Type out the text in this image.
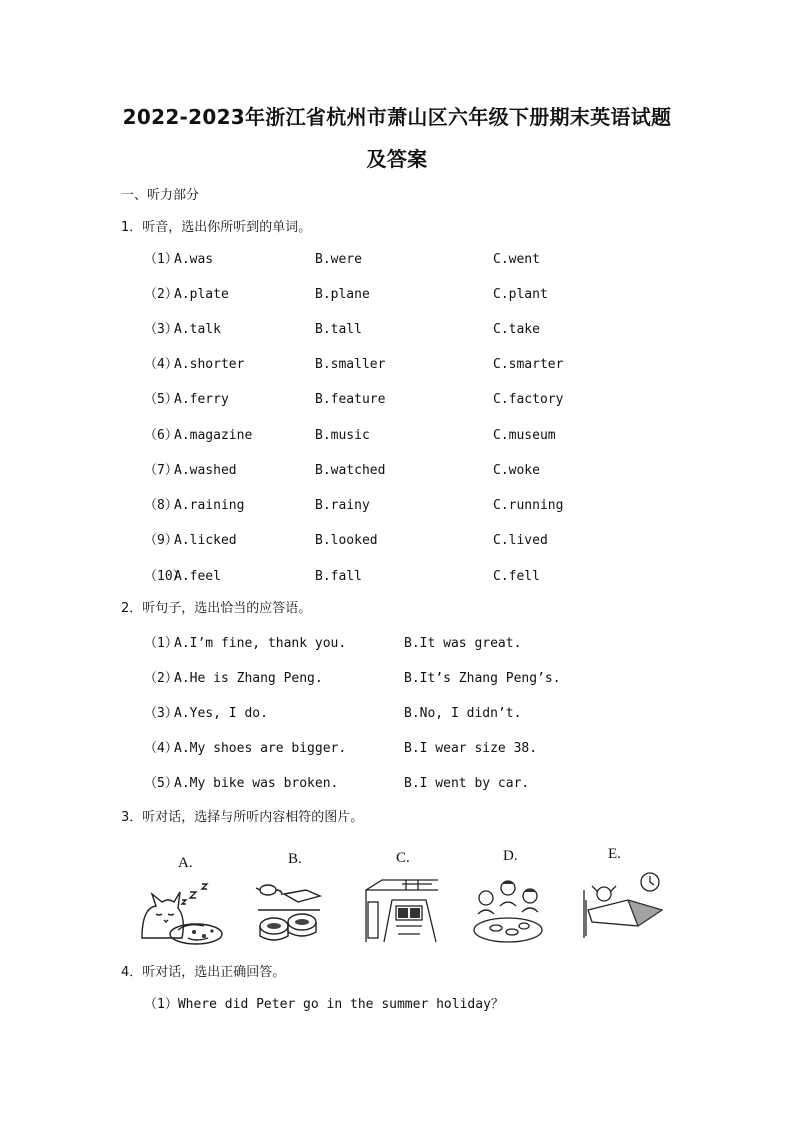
2022-2023年浙江省杭州市萧山区六年级下册期末英语试题
及答案
一、听力部分
1．听音，选出你所听到的单词。
（1）
A.was	B.were	C.went
（2）
A.plate	B.plane	C.plant
（3）
A.talk	B.tall	C.take
（4）
A.shorter	B.smaller	C.smarter
（5）
A.ferry	B.feature	C.factory
（6）
A.magazine	B.music	C.museum
（7）
A.washed	B.watched	C.woke
（8）
A.raining	B.rainy	C.running
（9）
A.licked	B.looked	C.lived
（10）
A.feel	B.fall	C.fell
2．听句子，选出恰当的应答语。
（1）
A.I’m fine, thank you.	B.It was great.
（2）
A.He is Zhang Peng.	B.It’s Zhang Peng’s.
（3）
A.Yes, I do.	B.No, I didn’t.
（4）
A.My shoes are bigger.	B.I wear size 38.
（5）
A.My bike was broken.	B.I went by car.
3．听对话，选择与所听内容相符的图片。
A.	B.	C.	D.	E.
4．听对话，选出正确回答。
（1）Where did Peter go in the summer holiday？
